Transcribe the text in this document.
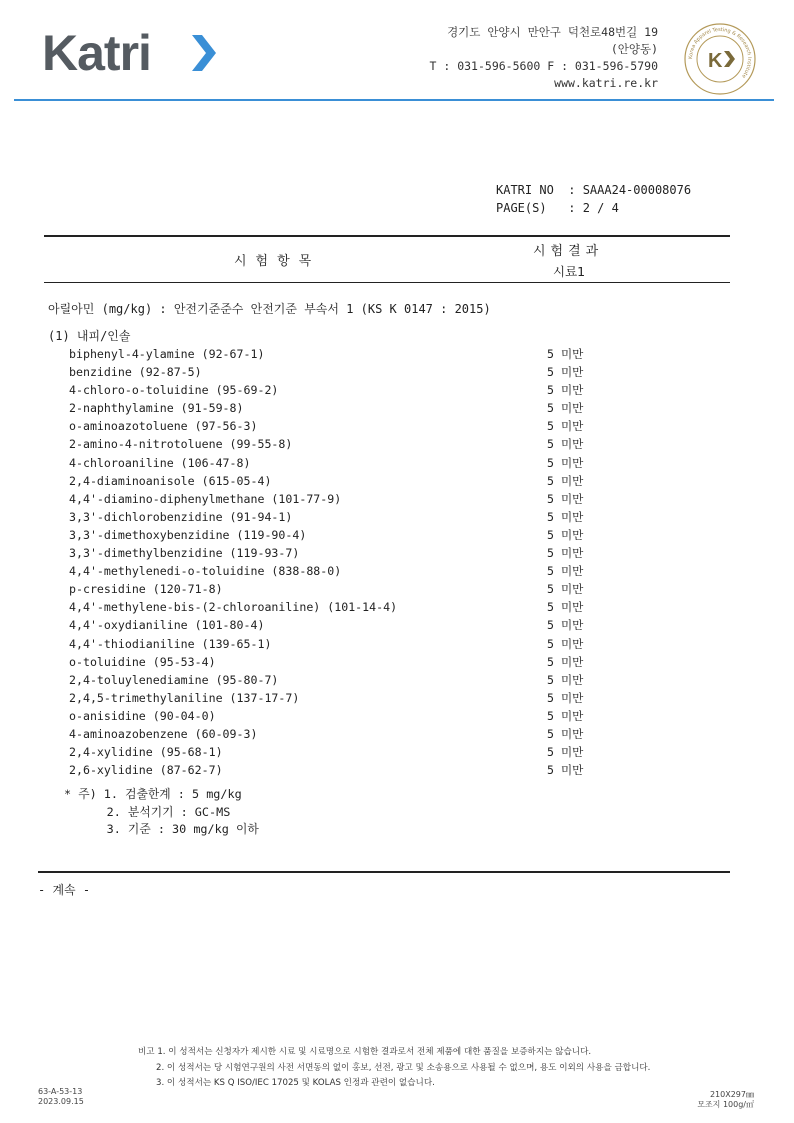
Katri	경기도 안양시 만안구 덕천로48번길 19
(안양동)
T : 031-596-5600 F : 031-596-5790
www.katri.re.kr
Korea Apparel Testing & Research Institute
K
KATRI NO  : SAAA24-00008076
PAGE(S)   : 2 / 4
시험항목
시험결과
시료1
아릴아민 (mg/kg) : 안전기준준수 안전기준 부속서 1 (KS K 0147 : 2015)
(1) 내피/인솔
biphenyl-4-ylamine (92-67-1)	5 미만
benzidine (92-87-5)	5 미만
4-chloro-o-toluidine (95-69-2)	5 미만
2-naphthylamine (91-59-8)	5 미만
o-aminoazotoluene (97-56-3)	5 미만
2-amino-4-nitrotoluene (99-55-8)	5 미만
4-chloroaniline (106-47-8)	5 미만
2,4-diaminoanisole (615-05-4)	5 미만
4,4'-diamino-diphenylmethane (101-77-9)	5 미만
3,3'-dichlorobenzidine (91-94-1)	5 미만
3,3'-dimethoxybenzidine (119-90-4)	5 미만
3,3'-dimethylbenzidine (119-93-7)	5 미만
4,4'-methylenedi-o-toluidine (838-88-0)	5 미만
p-cresidine (120-71-8)	5 미만
4,4'-methylene-bis-(2-chloroaniline) (101-14-4)	5 미만
4,4'-oxydianiline (101-80-4)	5 미만
4,4'-thiodianiline (139-65-1)	5 미만
o-toluidine (95-53-4)	5 미만
2,4-toluylenediamine (95-80-7)	5 미만
2,4,5-trimethylaniline (137-17-7)	5 미만
o-anisidine (90-04-0)	5 미만
4-aminoazobenzene (60-09-3)	5 미만
2,4-xylidine (95-68-1)	5 미만
2,6-xylidine (87-62-7)	5 미만
* 주) 1. 검출한계 : 5 mg/kg
2. 분석기기 : GC-MS
3. 기준 : 30 mg/kg 이하
- 계속 -
비고 1. 이 성적서는 신청자가 제시한 시료 및 시료명으로 시험한 결과로서 전체 제품에 대한 품질을 보증하지는 않습니다.
2. 이 성적서는 당 시험연구원의 사전 서면동의 없이 홍보, 선전, 광고 및 소송용으로 사용될 수 없으며, 용도 이외의 사용을 금합니다.
3. 이 성적서는 KS Q ISO/IEC 17025 및 KOLAS 인정과 관련이 없습니다.
63-A-53-13
2023.09.15
210X297㎜
모조지 100g/㎡
